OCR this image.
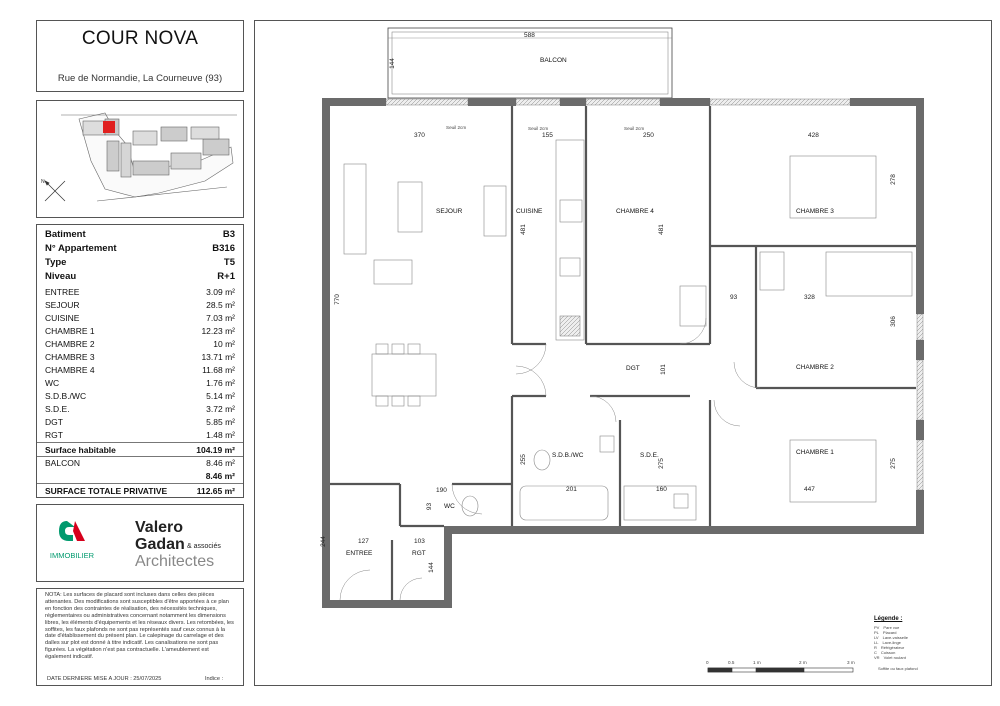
COUR NOVA
Rue de Normandie, La Courneuve (93)
N
Batiment	B3
N° Appartement	B316
Type	T5
Niveau	R+1
ENTREE	3.09 m²
SEJOUR	28.5 m²
CUISINE	7.03 m²
CHAMBRE 1	12.23 m²
CHAMBRE 2	10 m²
CHAMBRE 3	13.71 m²
CHAMBRE 4	11.68 m²
WC	1.76 m²
S.D.B./WC	5.14 m²
S.D.E.	3.72 m²
DGT	5.85 m²
RGT	1.48 m²
Surface habitable	104.19 m²
BALCON	8.46 m²
8.46 m²
SURFACE TOTALE PRIVATIVE	112.65 m²
IMMOBILIER
Valero
Gadan & associés
Architectes
NOTA: Les surfaces de placard sont incluses dans celles des pièces attenantes. Des modifications sont susceptibles d'être apportées à ce plan en fonction des contraintes de réalisation, des nécessités techniques, réglementaires ou administratives concernant notamment les dimensions libres, les éléments d'équipements et les réseaux divers. Les retombées, les soffites, les faux plafonds ne sont pas représentés sauf ceux connus à la date d'établissement du présent plan. Le calepinage du carrelage et des dalles sur plot est donné à titre indicatif. Les canalisations ne sont pas figurées. La végétation n'est pas contractuelle. L'ameublement est également indicatif.
DATE DERNIERE MISE A JOUR : 25/07/2025	Indice :
BALCON
SEJOUR	CUISINE	CHAMBRE 4	CHAMBRE 3
CHAMBRE 2
CHAMBRE 1
DGT
S.D.B./WC	S.D.E.
WC
ENTREE	RGT
588
144
370
770
155
481
250
481
428
278
93	328
306
101
447
275
201
255
160
275
190
93
127
244	103
144
Seuil 2cm	Seuil 2cm	Seuil 2cm
0	0.5	1 m	2 m	3 m
Légende :
PV Pare vue
PL Placard
LV Lave-vaisselle
LL Lave-linge
R Réfrigérateur
C Cuisson
VR Volet roulant
Soffite ou faux plafond
